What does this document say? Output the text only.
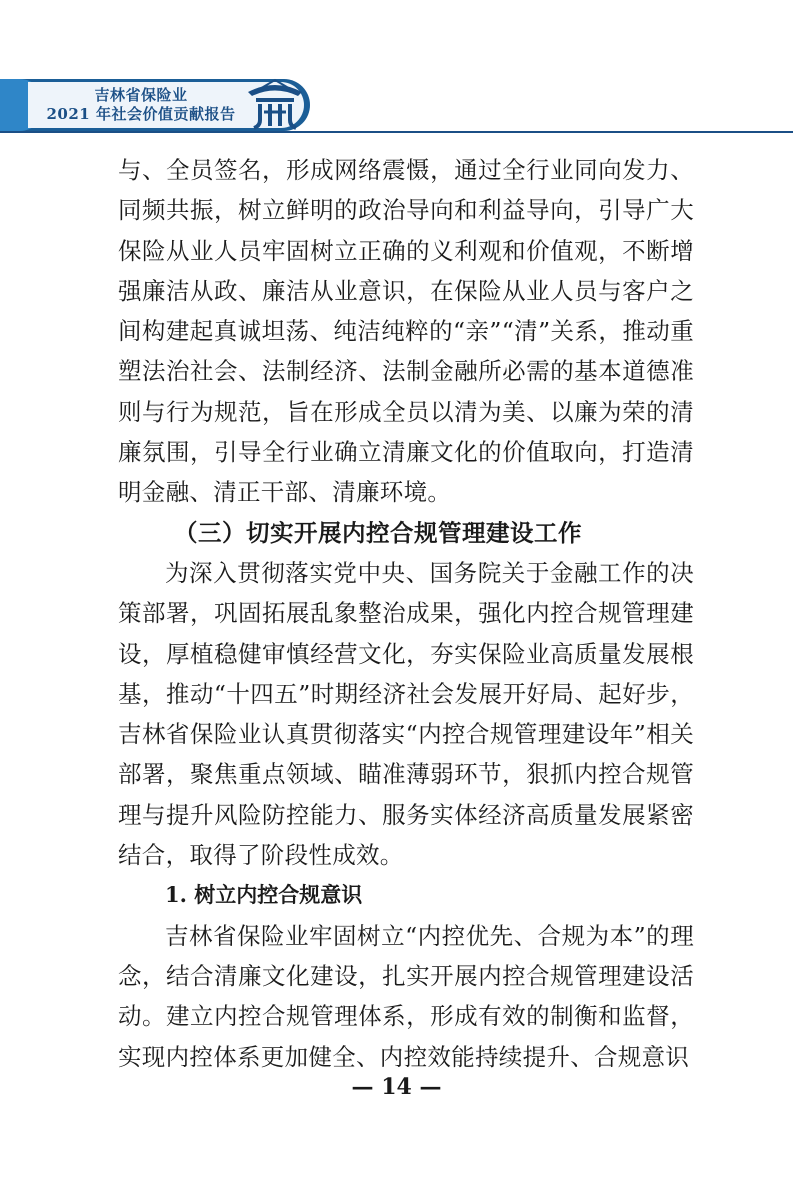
吉林省保险业
2021 年社会价值贡献报告

与、全员签名，形成网络震慑，通过全行业同向发力、同频共振，树立鲜明的政治导向和利益导向，引导广大保险从业人员牢固树立正确的义利观和价值观，不断增强廉洁从政、廉洁从业意识，在保险从业人员与客户之间构建起真诚坦荡、纯洁纯粹的“亲”“清”关系，推动重塑法治社会、法制经济、法制金融所必需的基本道德准则与行为规范，旨在形成全员以清为美、以廉为荣的清廉氛围，引导全行业确立清廉文化的价值取向，打造清明金融、清正干部、清廉环境。

（三）切实开展内控合规管理建设工作

为深入贯彻落实党中央、国务院关于金融工作的决策部署，巩固拓展乱象整治成果，强化内控合规管理建设，厚植稳健审慎经营文化，夯实保险业高质量发展根基，推动“十四五”时期经济社会发展开好局、起好步，吉林省保险业认真贯彻落实“内控合规管理建设年”相关部署，聚焦重点领域、瞄准薄弱环节，狠抓内控合规管理与提升风险防控能力、服务实体经济高质量发展紧密结合，取得了阶段性成效。

1. 树立内控合规意识

吉林省保险业牢固树立“内控优先、合规为本”的理念，结合清廉文化建设，扎实开展内控合规管理建设活动。建立内控合规管理体系，形成有效的制衡和监督，实现内控体系更加健全、内控效能持续提升、合规意识

— 14 —
